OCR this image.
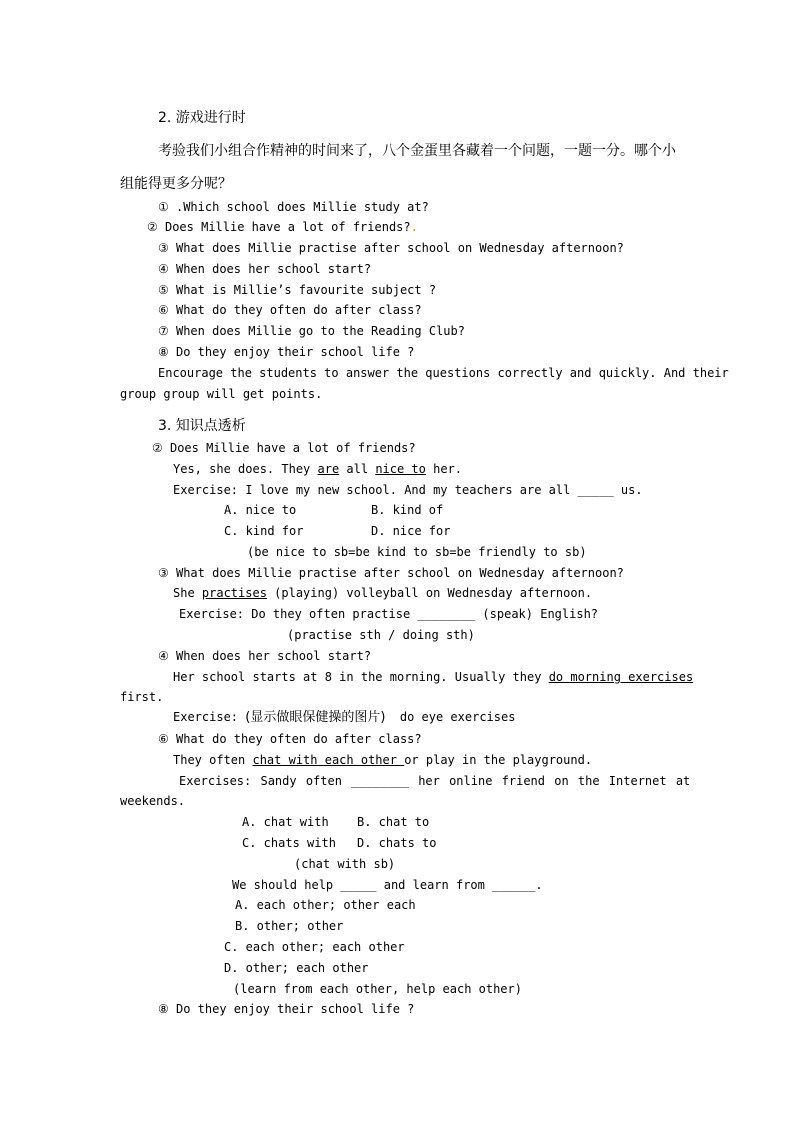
2. 游戏进行时
考验我们小组合作精神的时间来了，八个金蛋里各藏着一个问题，一题一分。哪个小
组能得更多分呢？
① .Which school does Millie study at?
② Does Millie have a lot of friends?.
③ What does Millie practise after school on Wednesday afternoon?
④ When does her school start?
⑤ What is Millie’s favourite subject ?
⑥ What do they often do after class?
⑦ When does Millie go to the Reading Club?
⑧ Do they enjoy their school life ?
Encourage the students to answer the questions correctly and quickly. And their
group group will get points.
3. 知识点透析
② Does Millie have a lot of friends?
Yes, she does. They are all nice to her.
Exercise: I love my new school. And my teachers are all _____ us.
A. nice to	B. kind of
C. kind for	D. nice for
(be nice to sb=be kind to sb=be friendly to sb)
③ What does Millie practise after school on Wednesday afternoon?
She practises (playing) volleyball on Wednesday afternoon.
Exercise: Do they often practise ________ (speak) English?
(practise sth / doing sth)
④ When does her school start?
Her school starts at 8 in the morning. Usually they do morning exercises
first.
Exercise: (显示做眼保健操的图片)  do eye exercises
⑥ What do they often do after class?
They often chat with each other or play in the playground.
Exercises: Sandy often ________ her online friend on the Internet at
weekends.
A. chat with B. chat to
C. chats with D. chats to
(chat with sb)
We should help _____ and learn from ______.
A. each other; other each
B. other; other
C. each other; each other
D. other; each other
(learn from each other, help each other)
⑧ Do they enjoy their school life ?
